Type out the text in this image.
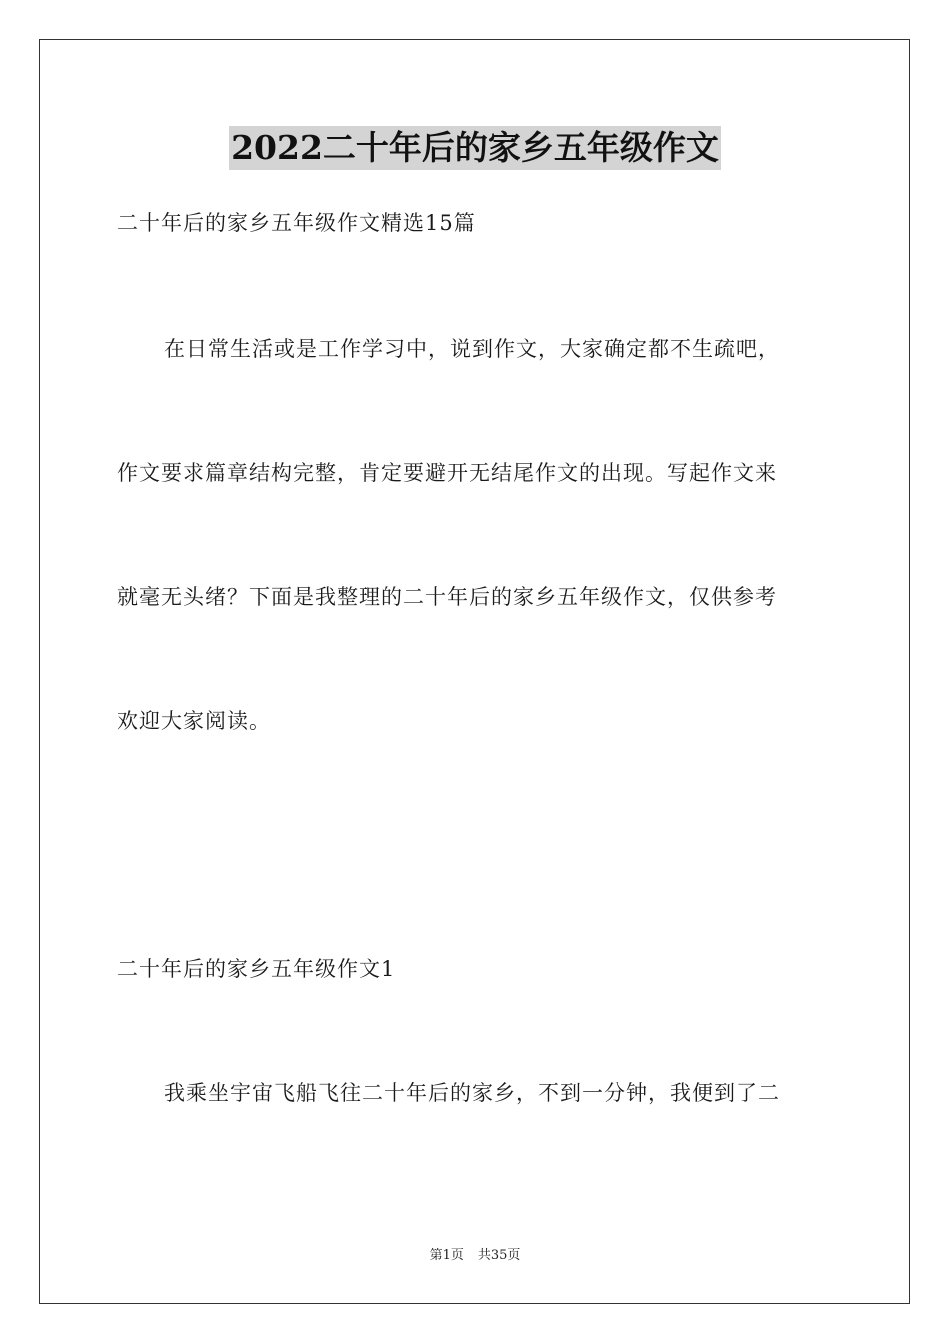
2022二十年后的家乡五年级作文
二十年后的家乡五年级作文精选15篇
在日常生活或是工作学习中，说到作文，大家确定都不生疏吧，
作文要求篇章结构完整，肯定要避开无结尾作文的出现。写起作文来
就毫无头绪？下面是我整理的二十年后的家乡五年级作文，仅供参考
欢迎大家阅读。
二十年后的家乡五年级作文1
我乘坐宇宙飞船飞往二十年后的家乡，不到一分钟，我便到了二
第1页 共35页
